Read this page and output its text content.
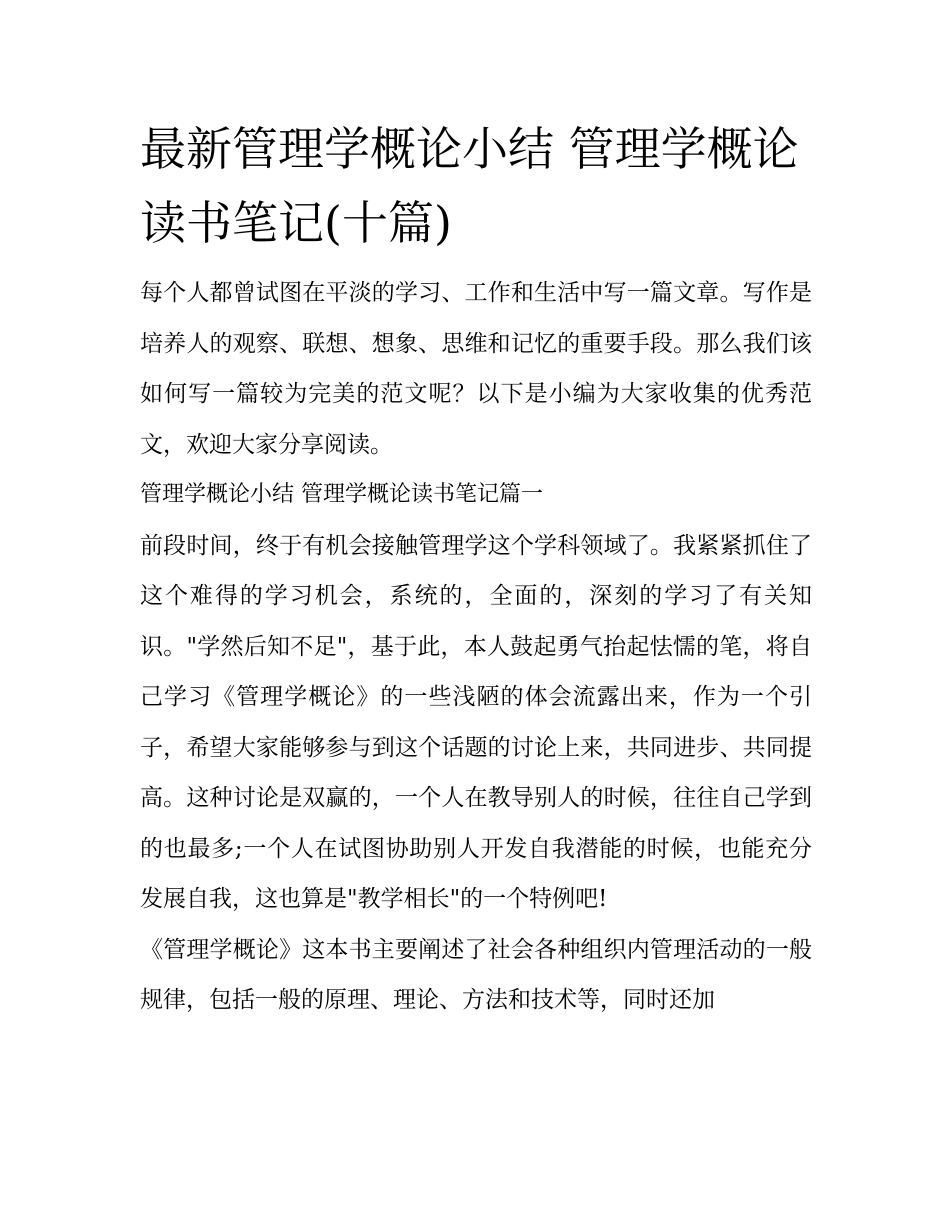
最新管理学概论小结 管理学概论读书笔记(十篇)

每个人都曾试图在平淡的学习、工作和生活中写一篇文章。写作是培养人的观察、联想、想象、思维和记忆的重要手段。那么我们该如何写一篇较为完美的范文呢？以下是小编为大家收集的优秀范文，欢迎大家分享阅读。

管理学概论小结 管理学概论读书笔记篇一

前段时间，终于有机会接触管理学这个学科领域了。我紧紧抓住了这个难得的学习机会，系统的，全面的，深刻的学习了有关知识。"学然后知不足"，基于此，本人鼓起勇气抬起怯懦的笔，将自己学习《管理学概论》的一些浅陋的体会流露出来，作为一个引子，希望大家能够参与到这个话题的讨论上来，共同进步、共同提高。这种讨论是双赢的，一个人在教导别人的时候，往往自己学到的也最多;一个人在试图协助别人开发自我潜能的时候，也能充分发展自我，这也算是"教学相长"的一个特例吧!

《管理学概论》这本书主要阐述了社会各种组织内管理活动的一般规律，包括一般的原理、理论、方法和技术等，同时还加
